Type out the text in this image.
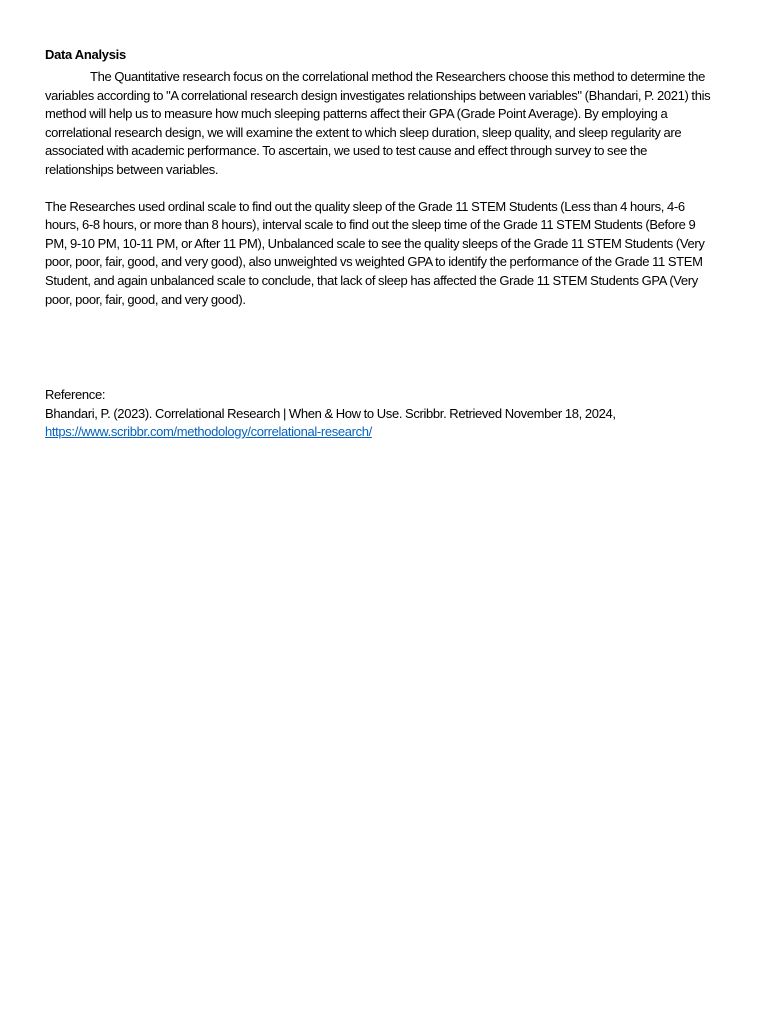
Data Analysis

The Quantitative research focus on the correlational method the Researchers choose this method to determine the variables according to "A correlational research design investigates relationships between variables" (Bhandari, P. 2021) this method will help us to measure how much sleeping patterns affect their GPA (Grade Point Average). By employing a correlational research design, we will examine the extent to which sleep duration, sleep quality, and sleep regularity are associated with academic performance. To ascertain, we used to test cause and effect through survey to see the relationships between variables.

The Researches used ordinal scale to find out the quality sleep of the Grade 11 STEM Students (Less than 4 hours, 4-6 hours, 6-8 hours, or more than 8 hours), interval scale to find out the sleep time of the Grade 11 STEM Students (Before 9 PM, 9-10 PM, 10-11 PM, or After 11 PM), Unbalanced scale to see the quality sleeps of the Grade 11 STEM Students (Very poor, poor, fair, good, and very good), also unweighted vs weighted GPA to identify the performance of the Grade 11 STEM Student, and again unbalanced scale to conclude, that lack of sleep has affected the Grade 11 STEM Students GPA (Very poor, poor, fair, good, and very good).

Reference:

Bhandari, P. (2023). Correlational Research | When & How to Use. Scribbr. Retrieved November 18, 2024,

https://www.scribbr.com/methodology/correlational-research/
